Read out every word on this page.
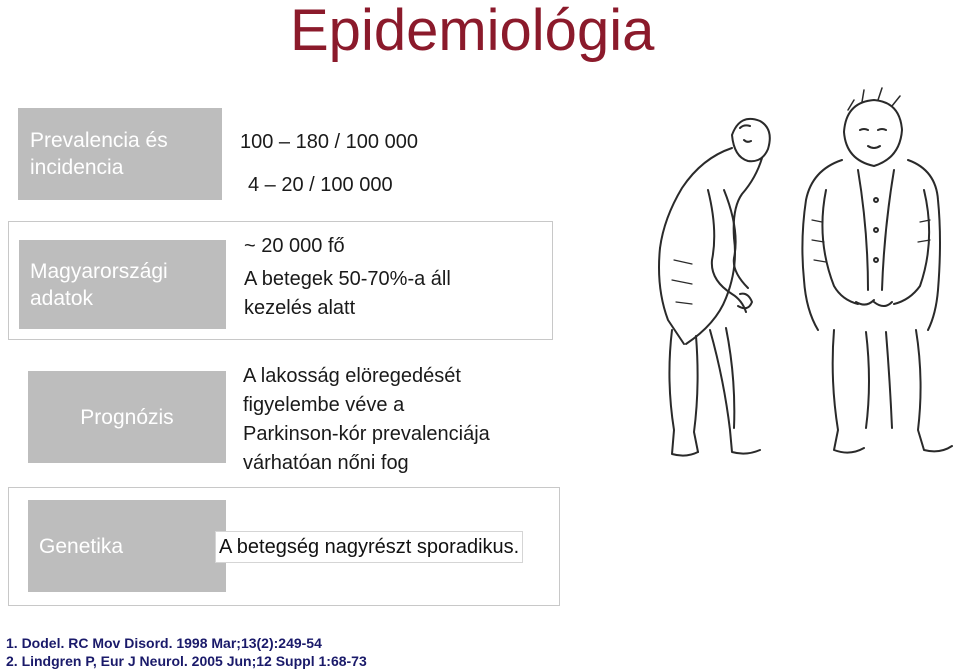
Epidemiológia
Prevalencia és incidencia
100 – 180 / 100 000
4 – 20 / 100 000
Magyarországi adatok
~ 20 000 fő
A betegek 50-70%-a áll
kezelés alatt
Prognózis
A lakosság elöregedését
figyelembe véve a
Parkinson-kór prevalenciája
várhatóan nőni fog
Genetika	A betegség nagyrészt sporadikus.
1. Dodel. RC Mov Disord. 1998 Mar;13(2):249-54
2. Lindgren P, Eur J Neurol. 2005 Jun;12 Suppl 1:68-73
